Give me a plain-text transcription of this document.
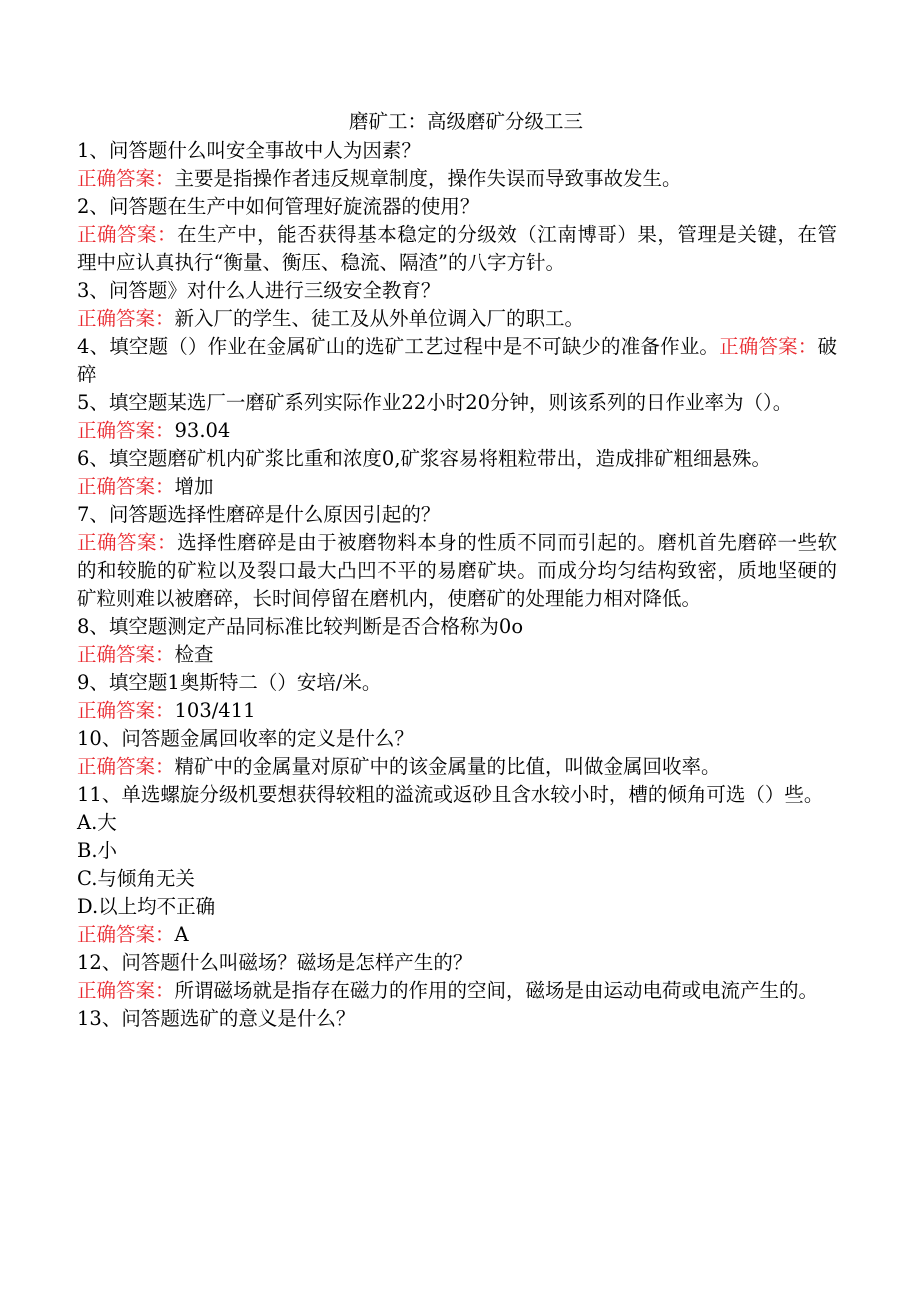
磨矿工：高级磨矿分级工三
1、问答题什么叫安全事故中人为因素？
正确答案：主要是指操作者违反规章制度，操作失误而导致事故发生。
2、问答题在生产中如何管理好旋流器的使用？
正确答案：在生产中，能否获得基本稳定的分级效（江南博哥）果，管理是关键，在管理中应认真执行“衡量、衡压、稳流、隔渣”的八字方针。
3、问答题》对什么人进行三级安全教育？
正确答案：新入厂的学生、徒工及从外单位调入厂的职工。
4、填空题（）作业在金属矿山的选矿工艺过程中是不可缺少的准备作业。正确答案：破碎
5、填空题某选厂一磨矿系列实际作业22小时20分钟，则该系列的日作业率为（）。
正确答案：93.04
6、填空题磨矿机内矿浆比重和浓度0,矿浆容易将粗粒带出，造成排矿粗细悬殊。
正确答案：增加
7、问答题选择性磨碎是什么原因引起的？
正确答案：选择性磨碎是由于被磨物料本身的性质不同而引起的。磨机首先磨碎一些软的和较脆的矿粒以及裂口最大凸凹不平的易磨矿块。而成分均匀结构致密，质地坚硬的矿粒则难以被磨碎，长时间停留在磨机内，使磨矿的处理能力相对降低。
8、填空题测定产品同标准比较判断是否合格称为0o
正确答案：检查
9、填空题1奥斯特二（）安培/米。
正确答案：103/411
10、问答题金属回收率的定义是什么？
正确答案：精矿中的金属量对原矿中的该金属量的比值，叫做金属回收率。
11、单选螺旋分级机要想获得较粗的溢流或返砂且含水较小时，槽的倾角可选（）些。
A.大
B.小
C.与倾角无关
D.以上均不正确
正确答案：A
12、问答题什么叫磁场？磁场是怎样产生的？
正确答案：所谓磁场就是指存在磁力的作用的空间，磁场是由运动电荷或电流产生的。
13、问答题选矿的意义是什么？
